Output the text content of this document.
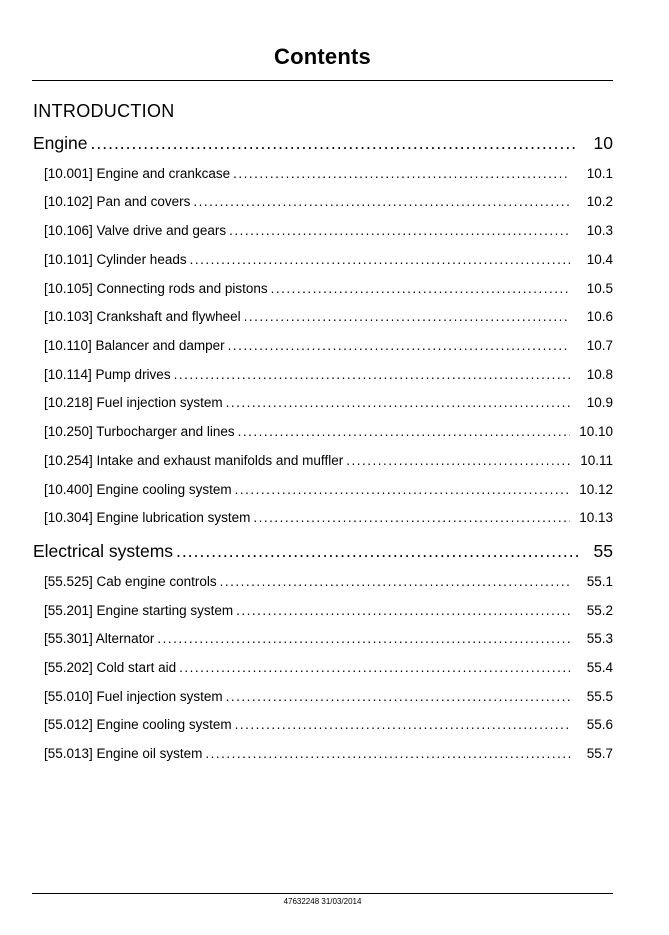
Contents
INTRODUCTION
Engine .....	10
[10.001] Engine and crankcase .....	10.1
[10.102] Pan and covers .....	10.2
[10.106] Valve drive and gears .....	10.3
[10.101] Cylinder heads .....	10.4
[10.105] Connecting rods and pistons .....	10.5
[10.103] Crankshaft and flywheel .....	10.6
[10.110] Balancer and damper .....	10.7
[10.114] Pump drives .....	10.8
[10.218] Fuel injection system .....	10.9
[10.250] Turbocharger and lines .....	10.10
[10.254] Intake and exhaust manifolds and muffler .....	10.11
[10.400] Engine cooling system .....	10.12
[10.304] Engine lubrication system .....	10.13
Electrical systems .....	55
[55.525] Cab engine controls .....	55.1
[55.201] Engine starting system .....	55.2
[55.301] Alternator .....	55.3
[55.202] Cold start aid .....	55.4
[55.010] Fuel injection system .....	55.5
[55.012] Engine cooling system .....	55.6
[55.013] Engine oil system .....	55.7
47632248 31/03/2014
